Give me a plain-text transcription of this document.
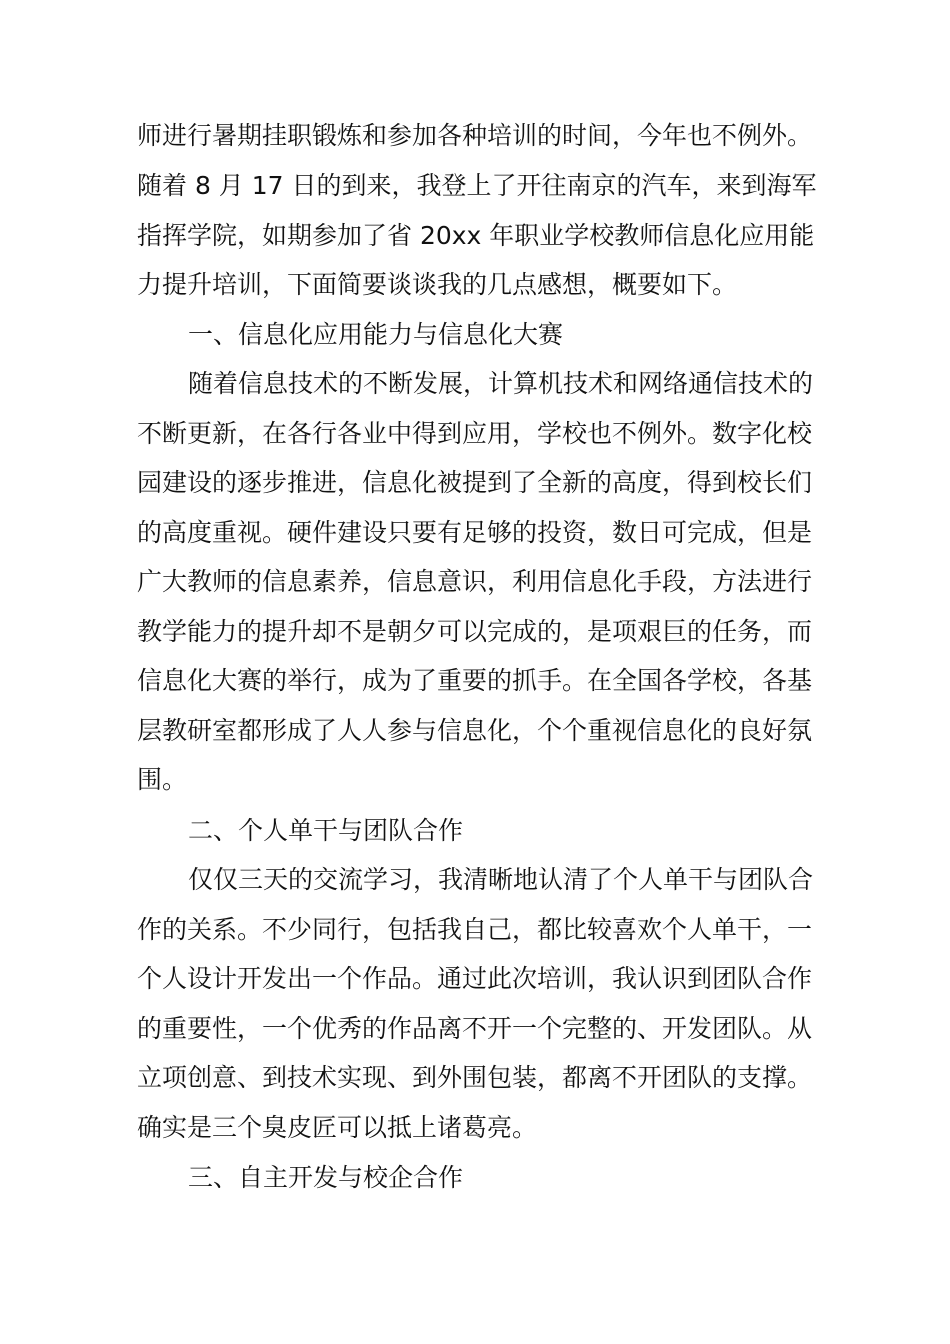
师进行暑期挂职锻炼和参加各种培训的时间，今年也不例外。
随着 8 月 17 日的到来，我登上了开往南京的汽车，来到海军
指挥学院，如期参加了省 20xx 年职业学校教师信息化应用能
力提升培训，下面简要谈谈我的几点感想，概要如下。
一、信息化应用能力与信息化大赛
随着信息技术的不断发展，计算机技术和网络通信技术的
不断更新，在各行各业中得到应用，学校也不例外。数字化校
园建设的逐步推进，信息化被提到了全新的高度，得到校长们
的高度重视。硬件建设只要有足够的投资，数日可完成，但是
广大教师的信息素养，信息意识，利用信息化手段，方法进行
教学能力的提升却不是朝夕可以完成的，是项艰巨的任务，而
信息化大赛的举行，成为了重要的抓手。在全国各学校，各基
层教研室都形成了人人参与信息化，个个重视信息化的良好氛
围。
二、个人单干与团队合作
仅仅三天的交流学习，我清晰地认清了个人单干与团队合
作的关系。不少同行，包括我自己，都比较喜欢个人单干，一
个人设计开发出一个作品。通过此次培训，我认识到团队合作
的重要性，一个优秀的作品离不开一个完整的、开发团队。从
立项创意、到技术实现、到外围包装，都离不开团队的支撑。
确实是三个臭皮匠可以抵上诸葛亮。
三、自主开发与校企合作
